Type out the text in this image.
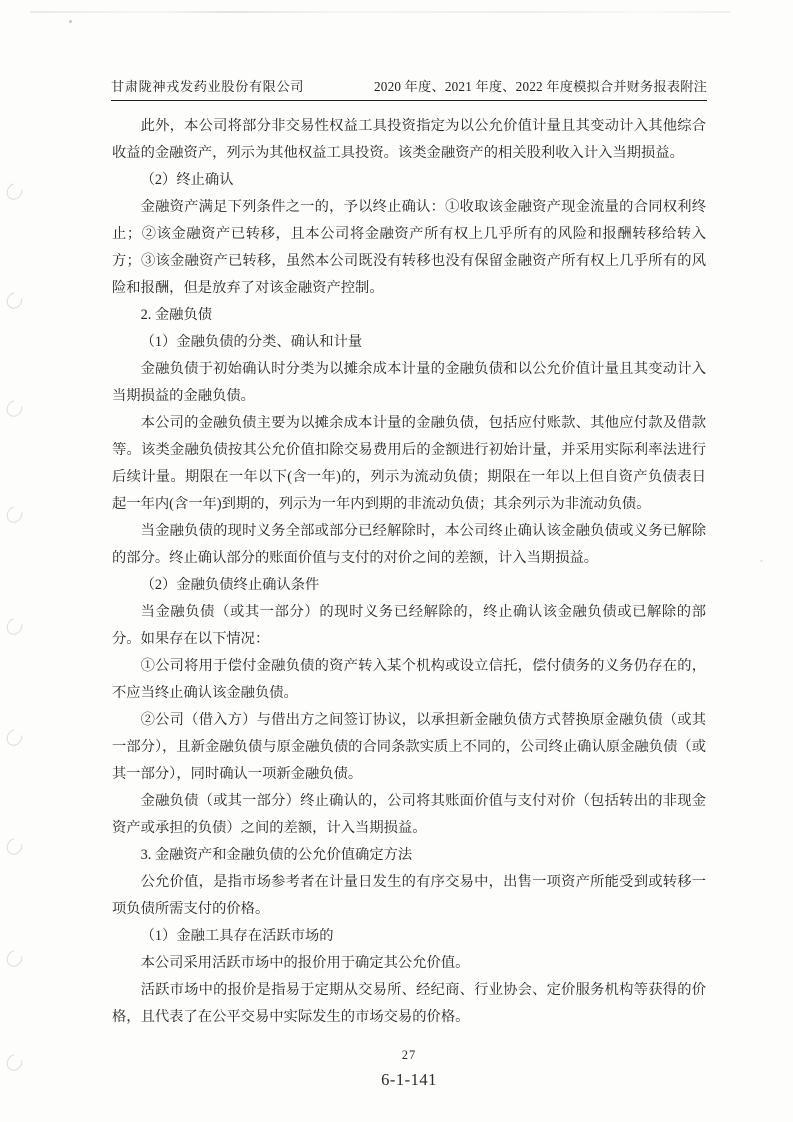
甘肃陇神戎发药业股份有限公司	2020 年度、2021 年度、2022 年度模拟合并财务报表附注

此外，本公司将部分非交易性权益工具投资指定为以公允价值计量且其变动计入其他综合收益的金融资产，列示为其他权益工具投资。该类金融资产的相关股利收入计入当期损益。

（2）终止确认

金融资产满足下列条件之一的，予以终止确认：①收取该金融资产现金流量的合同权利终止；②该金融资产已转移，且本公司将金融资产所有权上几乎所有的风险和报酬转移给转入方；③该金融资产已转移，虽然本公司既没有转移也没有保留金融资产所有权上几乎所有的风险和报酬，但是放弃了对该金融资产控制。

2. 金融负债

（1）金融负债的分类、确认和计量

金融负债于初始确认时分类为以摊余成本计量的金融负债和以公允价值计量且其变动计入当期损益的金融负债。

本公司的金融负债主要为以摊余成本计量的金融负债，包括应付账款、其他应付款及借款等。该类金融负债按其公允价值扣除交易费用后的金额进行初始计量，并采用实际利率法进行后续计量。期限在一年以下(含一年)的，列示为流动负债；期限在一年以上但自资产负债表日起一年内(含一年)到期的，列示为一年内到期的非流动负债；其余列示为非流动负债。

当金融负债的现时义务全部或部分已经解除时，本公司终止确认该金融负债或义务已解除的部分。终止确认部分的账面价值与支付的对价之间的差额，计入当期损益。

（2）金融负债终止确认条件

当金融负债（或其一部分）的现时义务已经解除的，终止确认该金融负债或已解除的部分。如果存在以下情况：

①公司将用于偿付金融负债的资产转入某个机构或设立信托，偿付债务的义务仍存在的，不应当终止确认该金融负债。

②公司（借入方）与借出方之间签订协议，以承担新金融负债方式替换原金融负债（或其一部分），且新金融负债与原金融负债的合同条款实质上不同的，公司终止确认原金融负债（或其一部分），同时确认一项新金融负债。

金融负债（或其一部分）终止确认的，公司将其账面价值与支付对价（包括转出的非现金资产或承担的负债）之间的差额，计入当期损益。

3. 金融资产和金融负债的公允价值确定方法

公允价值，是指市场参考者在计量日发生的有序交易中，出售一项资产所能受到或转移一项负债所需支付的价格。

（1）金融工具存在活跃市场的

本公司采用活跃市场中的报价用于确定其公允价值。

活跃市场中的报价是指易于定期从交易所、经纪商、行业协会、定价服务机构等获得的价格，且代表了在公平交易中实际发生的市场交易的价格。

27
6-1-141
